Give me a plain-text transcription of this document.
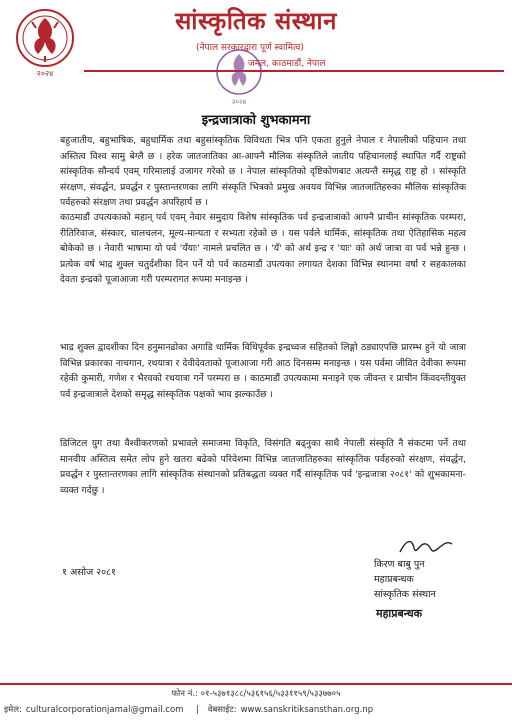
२०२४
सांस्कृतिक संस्थान
(नेपाल सरकारद्वारा पूर्ण स्वामित्व)
जमल, काठमाडौं, नेपाल
२०२४
इन्द्रजात्राको शुभकामना
बहुजातीय, बहुभाषिक, बहुधार्मिक तथा बहुसांस्कृतिक विविधता भित्र पनि एकता हुनुले नेपाल र नेपालीको पहिचान तथा अस्तित्व विश्व सामु बेग्लै छ । हरेक जातजातिका आ-आफ्नै मौलिक संस्कृतिले जातीय पहिचानलाई स्थापित गर्दै राष्ट्रको सांस्कृतिक सौन्दर्य एवम् गरिमालाई उजागर गरेको छ । नेपाल सांस्कृतिको दृष्टिकोणबाट अत्यन्तै समृद्ध राष्ट्र हो । सांस्कृति संरक्षण, संवर्द्धन, प्रवर्द्धन र पुस्तान्तरणका लागि संस्कृति भित्रको प्रमुख अवयव विभिन्न जातजातिहरुका मौलिक सांस्कृतिक पर्वहरुको संरक्षण तथा प्रवर्द्धन अपरिहार्य छ ।
काठमाडौं उपत्यकाको महान् पर्व एवम् नेवार समुदाय विशेष सांस्कृतिक पर्व इन्द्रजात्राको आफ्नै प्राचीन सांस्कृतिक परम्परा, रीतिरिवाज, संस्कार, चालचलन, मूल्य-मान्यता र सभ्यता रहेको छ । यस पर्वले धार्मिक, सांस्कृतिक तथा ऐतिहासिक महत्व बोकेको छ । नेवारी भाषामा यो पर्व 'यँयाः' नामले प्रचलित छ । 'यँ' को अर्थ इन्द्र र 'याः' को अर्थ जात्रा वा पर्व भन्ने हुन्छ । प्रत्येक वर्ष भाद्र शुक्ल चतुर्दशीका दिन पर्ने यो पर्व काठमाडौं उपत्यका लगायत देशका विभिन्न स्थानमा वर्षा र सहकालका देवता इन्द्रको पूजाआजा गरी परम्परागत रूपमा मनाइन्छ ।
भाद्र शुक्ल द्वादशीका दिन हनुमानढोका अगाडि धार्मिक विधिपूर्वक इन्द्रध्वज सहितको लिङ्गो ठड्याएपछि प्रारम्भ हुने यो जात्रा विभिन्न प्रकारका नाचगान, रथयात्रा र देवीदेवताको पूजाआजा गरी आठ दिनसम्म मनाइन्छ । यस पर्वमा जीवित देवीका रूपमा रहेकी कुमारी, गणेश र भैरवको रथयात्रा गर्ने परम्परा छ । काठमाडौं उपत्यकामा मनाइने एक जीवन्त र प्राचीन किंवदन्तीयुक्त पर्व इन्द्रजात्राले देशको समृद्ध सांस्कृतिक पक्षको भाव झल्काउँछ ।
डिजिटल युग तथा वैश्वीकरणको प्रभावले समाजमा विकृति, विसंगति बढ्नुका साथै नेपाली संस्कृति नै संकटमा पर्ने तथा मानवीय अस्तित्व समेत लोप हुने खतरा बढेको परिवेशमा विभिन्न जातजातिहरुका सांस्कृतिक पर्वहरुको संरक्षण, संवर्द्धन, प्रवर्द्धन र पुस्तान्तरणका लागि सांस्कृतिक संस्थानको प्रतिबद्धता व्यक्त गर्दै सांस्कृतिक पर्व 'इन्द्रजात्रा २०८१' को शुभकामना-व्यक्त गर्दछु ।
१ असोज २०८१
किरण बाबु पुन
महाप्रबन्धक
सांस्कृतिक संस्थान
महाप्रबन्धक
फोन नं.: ०१-५३७१३८८/५३६१५६/५३३११५९/५३३७७०५
इमेल: culturalcorporationjamal@gmail.com | वेबसाईट: www.sanskritiksansthan.org.np
